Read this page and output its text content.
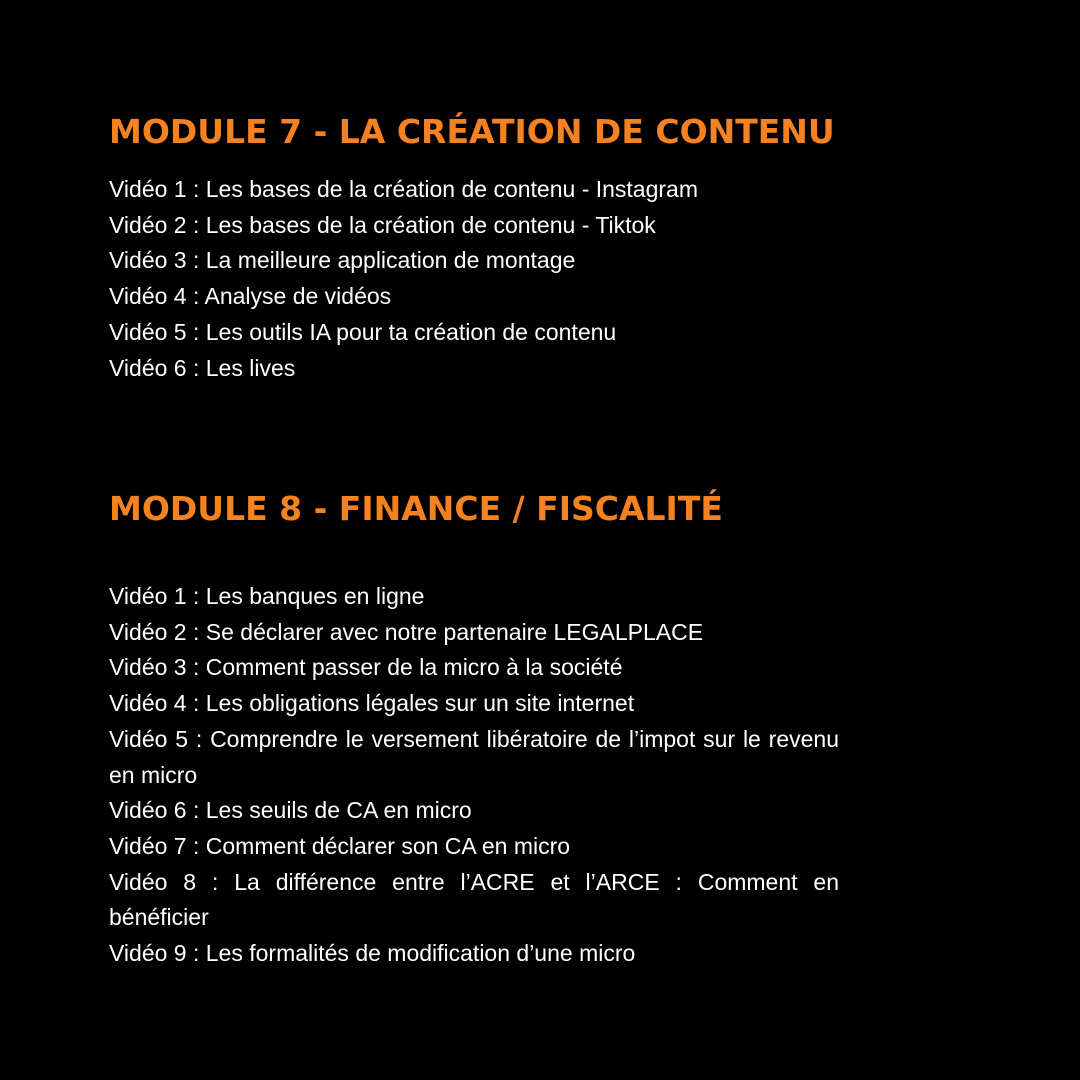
MODULE 7 - LA CRÉATION DE CONTENU
Vidéo 1 : Les bases de la création de contenu - Instagram
Vidéo 2 : Les bases de la création de contenu - Tiktok
Vidéo 3 : La meilleure application de montage
Vidéo 4 : Analyse de vidéos
Vidéo 5 : Les outils IA pour ta création de contenu
Vidéo 6 : Les lives
MODULE 8 - FINANCE / FISCALITÉ
Vidéo 1 : Les banques en ligne
Vidéo 2 : Se déclarer avec notre partenaire LEGALPLACE
Vidéo 3 : Comment passer de la micro à la société
Vidéo 4 : Les obligations légales sur un site internet
Vidéo 5 : Comprendre le versement libératoire de l’impot sur le revenu en micro
Vidéo 6 : Les seuils de CA en micro
Vidéo 7 : Comment déclarer son CA en micro
Vidéo 8 : La différence entre l’ACRE et l’ARCE : Comment en bénéficier
Vidéo 9 : Les formalités de modification d’une micro
